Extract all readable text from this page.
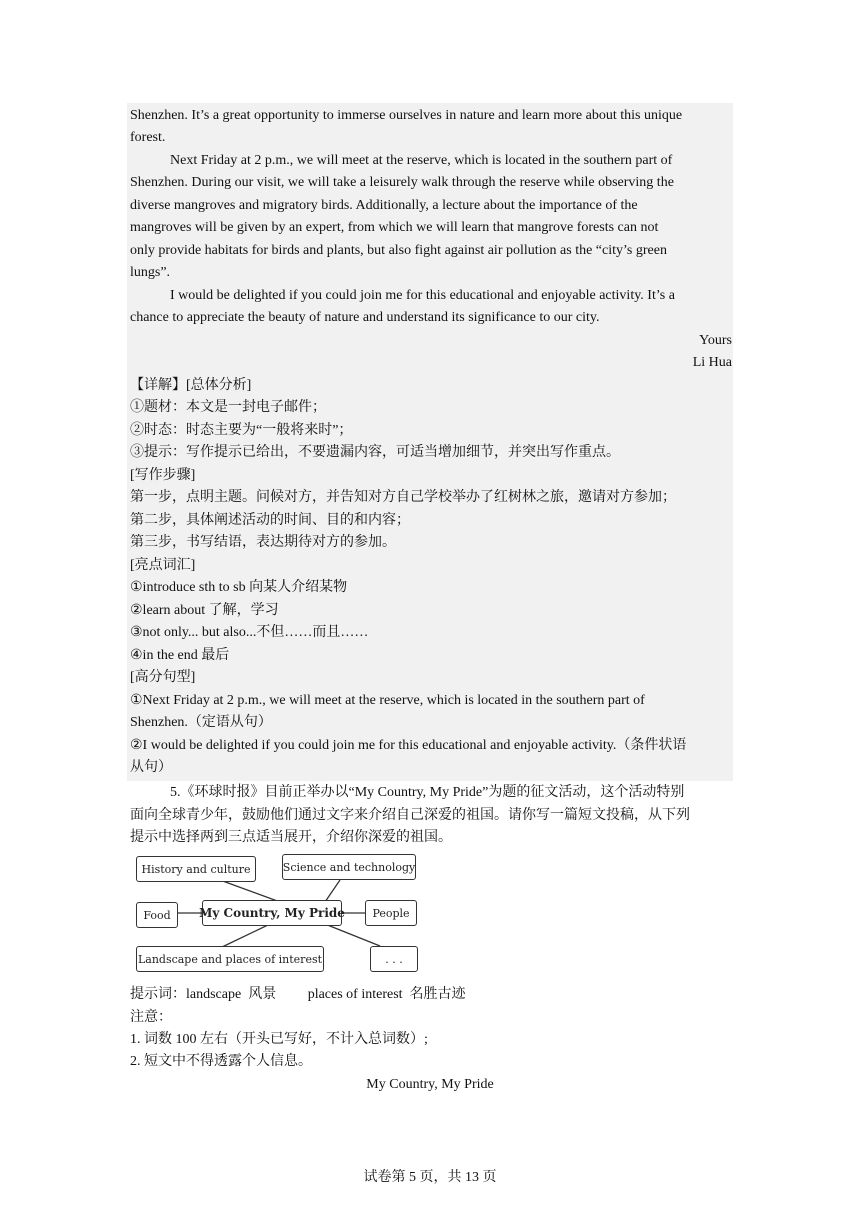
Shenzhen. It’s a great opportunity to immerse ourselves in nature and learn more about this unique
forest.
Next Friday at 2 p.m., we will meet at the reserve, which is located in the southern part of
Shenzhen. During our visit, we will take a leisurely walk through the reserve while observing the
diverse mangroves and migratory birds. Additionally, a lecture about the importance of the
mangroves will be given by an expert, from which we will learn that mangrove forests can not
only provide habitats for birds and plants, but also fight against air pollution as the “city’s green
lungs”.
I would be delighted if you could join me for this educational and enjoyable activity. It’s a
chance to appreciate the beauty of nature and understand its significance to our city.
Yours
Li Hua
【详解】[总体分析]
①题材：本文是一封电子邮件；
②时态：时态主要为“一般将来时”；
③提示：写作提示已给出，不要遗漏内容，可适当增加细节，并突出写作重点。
[写作步骤]
第一步，点明主题。问候对方，并告知对方自己学校举办了红树林之旅，邀请对方参加；
第二步，具体阐述活动的时间、目的和内容；
第三步，书写结语，表达期待对方的参加。
[亮点词汇]
①introduce sth to sb 向某人介绍某物
②learn about 了解，学习
③not only... but also...不但……而且……
④in the end 最后
[高分句型]
①Next Friday at 2 p.m., we will meet at the reserve, which is located in the southern part of
Shenzhen.（定语从句）
②I would be delighted if you could join me for this educational and enjoyable activity.（条件状语
从句）
5.《环球时报》目前正举办以“My Country, My Pride”为题的征文活动，这个活动特别
面向全球青少年，鼓励他们通过文字来介绍自己深爱的祖国。请你写一篇短文投稿，从下列
提示中选择两到三点适当展开，介绍你深爱的祖国。
History and culture	Science and technology
Food	My Country, My Pride	People
Landscape and places of interest	. . .
提示词：landscape  风景         places of interest  名胜古迹
注意：
1. 词数 100 左右（开头已写好，不计入总词数）;
2. 短文中不得透露个人信息。
My Country, My Pride
试卷第 5 页，共 13 页
